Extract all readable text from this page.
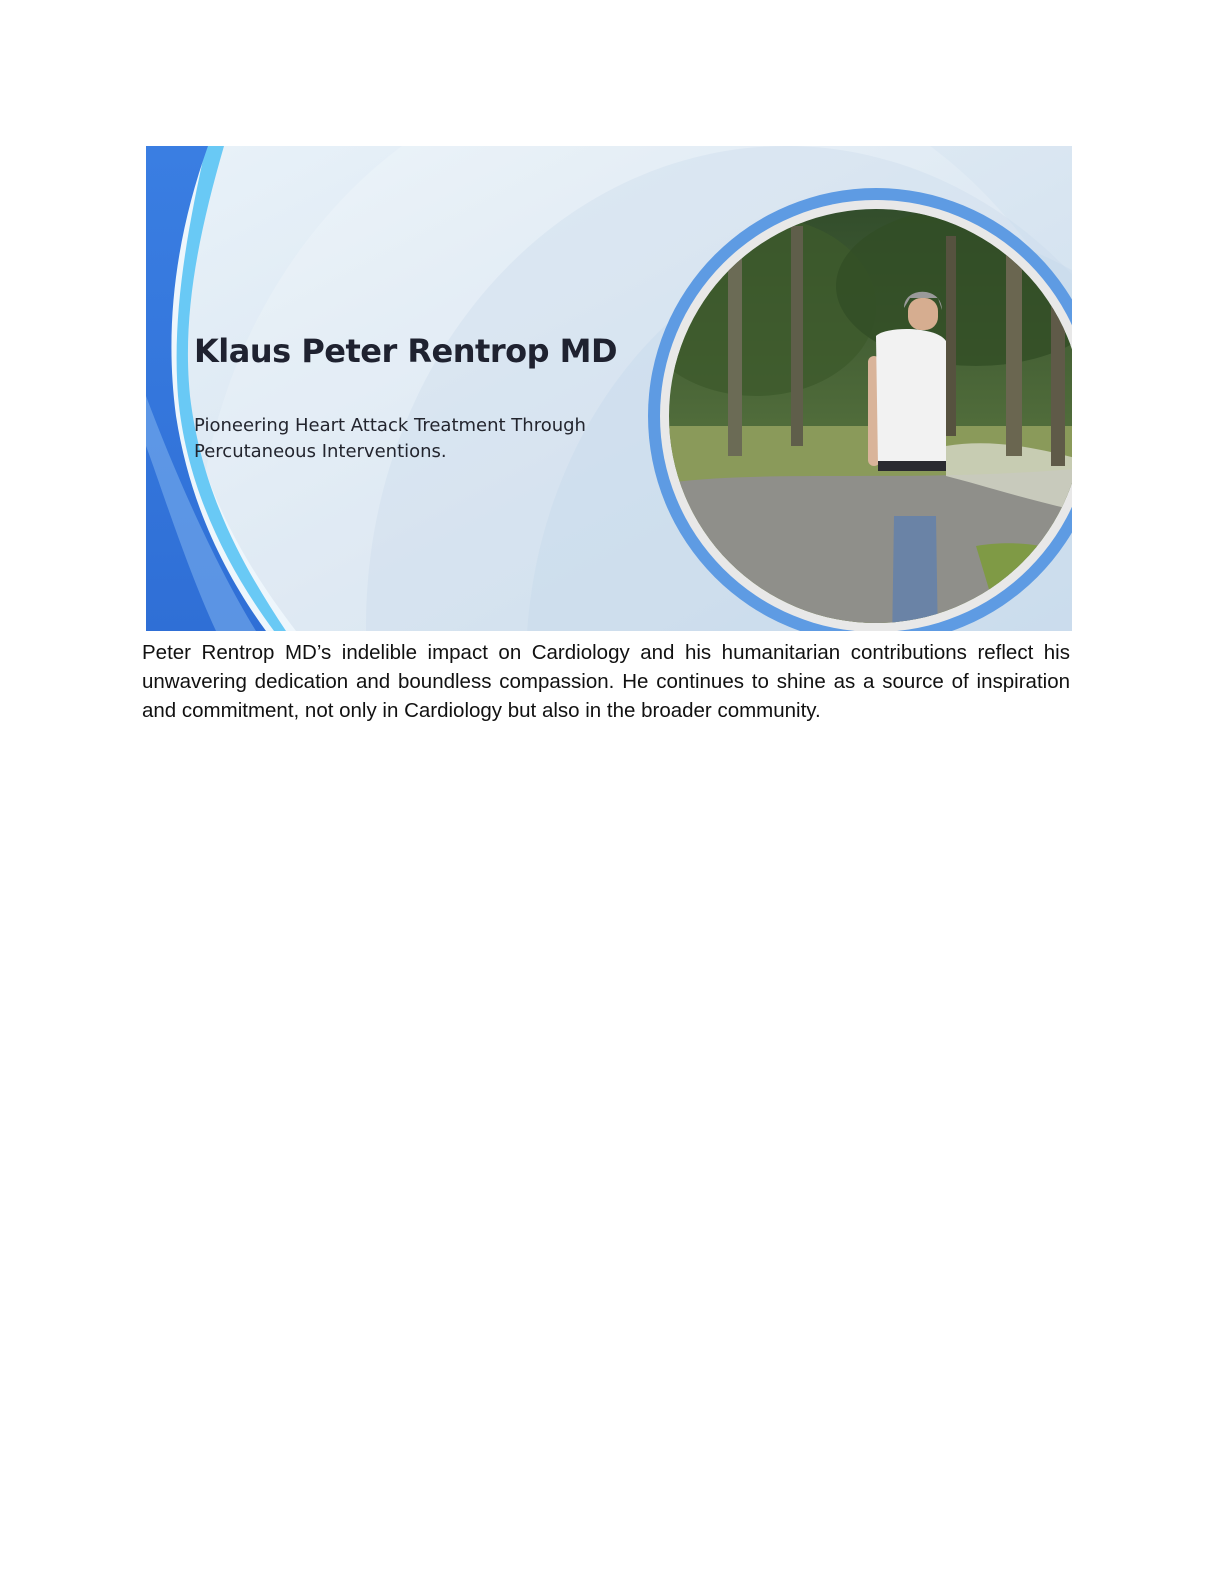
Klaus Peter Rentrop MD

Pioneering Heart Attack Treatment Through Percutaneous Interventions.

Peter Rentrop MD’s indelible impact on Cardiology and his humanitarian contributions reflect his unwavering dedication and boundless compassion. He continues to shine as a source of inspiration and commitment, not only in Cardiology but also in the broader community.
